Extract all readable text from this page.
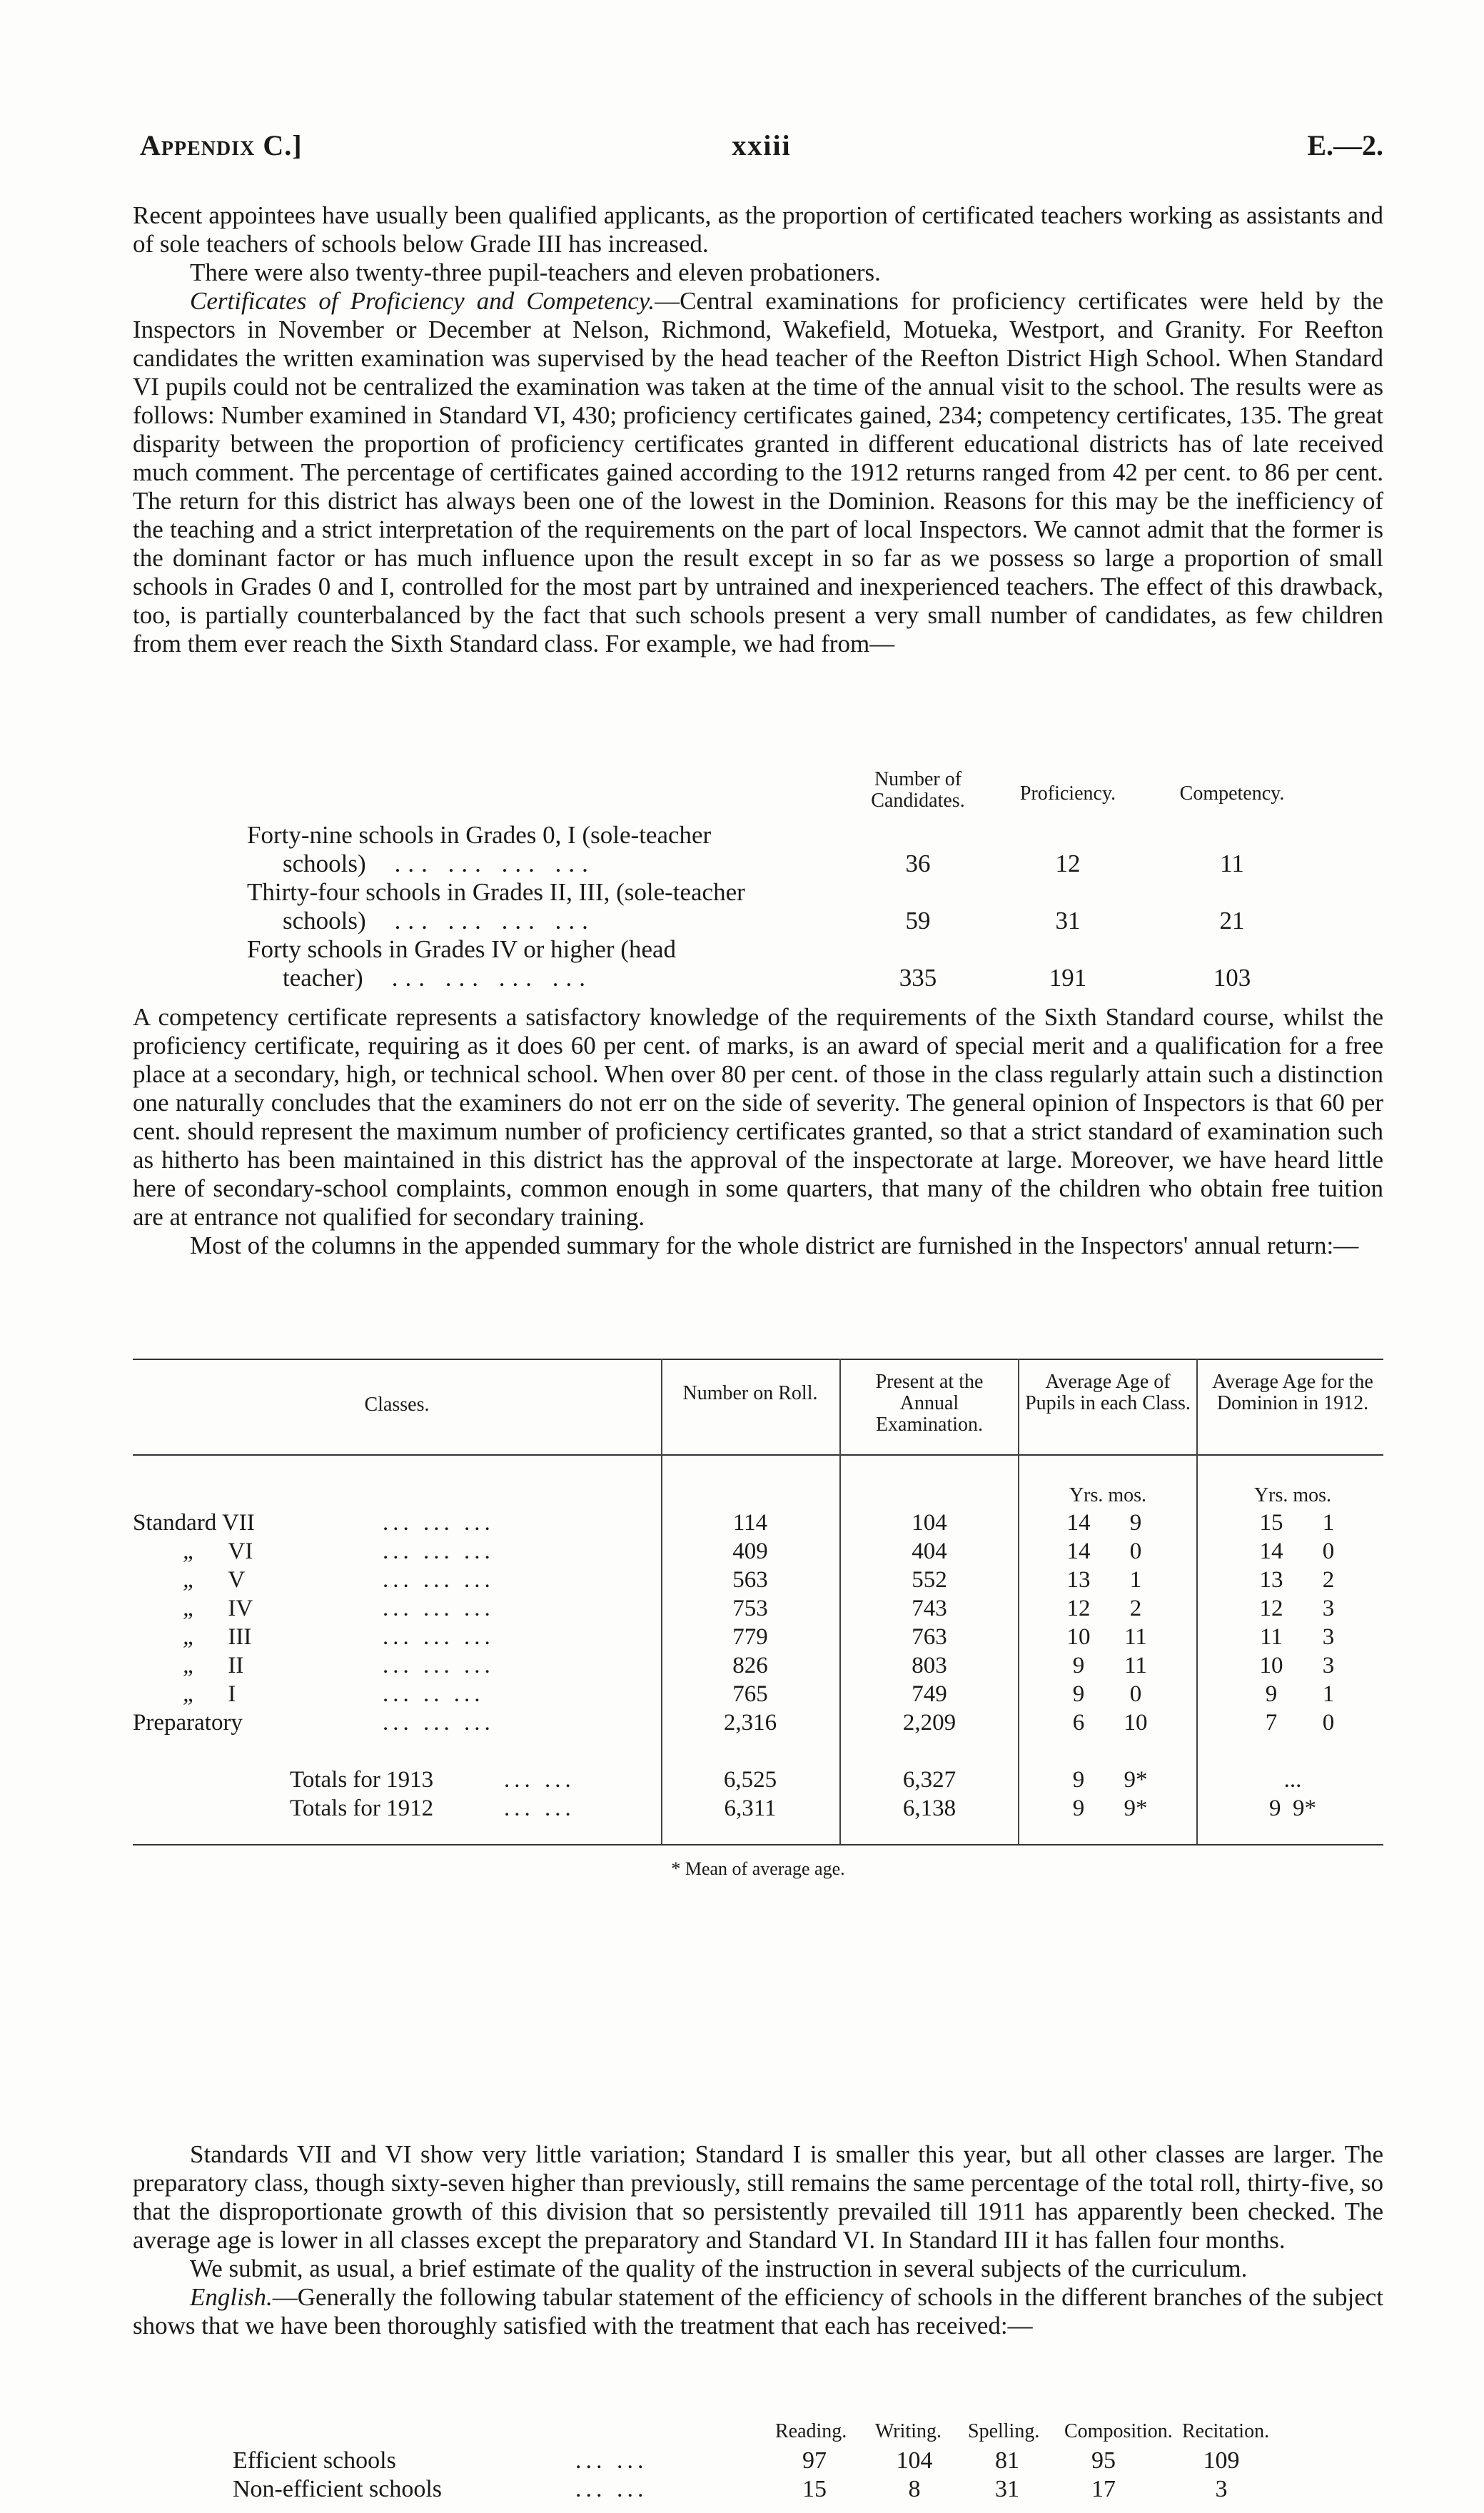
Appendix C.]	xxiii	E.—2.

Recent appointees have usually been qualified applicants, as the proportion of certificated teachers working as assistants and of sole teachers of schools below Grade III has increased.

There were also twenty-three pupil-teachers and eleven probationers.

Certificates of Proficiency and Competency.—Central examinations for proficiency certificates were held by the Inspectors in November or December at Nelson, Richmond, Wakefield, Motueka, Westport, and Granity. For Reefton candidates the written examination was supervised by the head teacher of the Reefton District High School. When Standard VI pupils could not be centralized the examination was taken at the time of the annual visit to the school. The results were as follows: Number examined in Standard VI, 430; proficiency certificates gained, 234; competency certificates, 135. The great disparity between the proportion of proficiency certificates granted in different educational districts has of late received much comment. The percentage of certificates gained according to the 1912 returns ranged from 42 per cent. to 86 per cent. The return for this district has always been one of the lowest in the Dominion. Reasons for this may be the inefficiency of the teaching and a strict interpretation of the requirements on the part of local Inspectors. We cannot admit that the former is the dominant factor or has much influence upon the result except in so far as we possess so large a proportion of small schools in Grades 0 and I, controlled for the most part by untrained and inexperienced teachers. The effect of this drawback, too, is partially counterbalanced by the fact that such schools present a very small number of candidates, as few children from them ever reach the Sixth Standard class. For example, we had from—

Number of Candidates.	Proficiency.	Competency.
Forty-nine schools in Grades 0, I (sole-teacher
schools) ... ... ... ...	36	12	11
Thirty-four schools in Grades II, III, (sole-teacher
schools) ... ... ... ...	59	31	21
Forty schools in Grades IV or higher (head
teacher) ... ... ... ...	335	191	103

A competency certificate represents a satisfactory knowledge of the requirements of the Sixth Standard course, whilst the proficiency certificate, requiring as it does 60 per cent. of marks, is an award of special merit and a qualification for a free place at a secondary, high, or technical school. When over 80 per cent. of those in the class regularly attain such a distinction one naturally concludes that the examiners do not err on the side of severity. The general opinion of Inspectors is that 60 per cent. should represent the maximum number of proficiency certificates granted, so that a strict standard of examination such as hitherto has been maintained in this district has the approval of the inspectorate at large. Moreover, we have heard little here of secondary-school complaints, common enough in some quarters, that many of the children who obtain free tuition are at entrance not qualified for secondary training.

Most of the columns in the appended summary for the whole district are furnished in the Inspectors' annual return:—

Classes.
Number on Roll.
Present at the Annual Examination.
Average Age of Pupils in each Class.
Average Age for the Dominion in 1912.
Yrs. mos.	Yrs. mos.
Standard VII	... ... ...	114	104	14	9	15	1
„ VI	... ... ...	409	404	14	0	14	0
„ V	... ... ...	563	552	13	1	13	2
„ IV	... ... ...	753	743	12	2	12	3
„ III	... ... ...	779	763	10	11	11	3
„ II	... ... ...	826	803	9	11	10	3
„ I	... .. ...	765	749	9	0	9	1
Preparatory	... ... ...	2,316	2,209	6	10	7	0
Totals for 1913	... ...	6,525	6,327	9	9*	...
Totals for 1912	... ...	6,311	6,138	9	9*	9  9*
* Mean of average age.

Standards VII and VI show very little variation; Standard I is smaller this year, but all other classes are larger. The preparatory class, though sixty-seven higher than previously, still remains the same percentage of the total roll, thirty-five, so that the disproportionate growth of this division that so persistently prevailed till 1911 has apparently been checked. The average age is lower in all classes except the preparatory and Standard VI. In Standard III it has fallen four months.

We submit, as usual, a brief estimate of the quality of the instruction in several subjects of the curriculum.

English.—Generally the following tabular statement of the efficiency of schools in the different branches of the subject shows that we have been thoroughly satisfied with the treatment that each has received:—

Reading. Writing. Spelling. Composition. Recitation.
Efficient schools	... ...	97	104	81	95	109
Non-efficient schools	... ...	15	8	31	17	3
